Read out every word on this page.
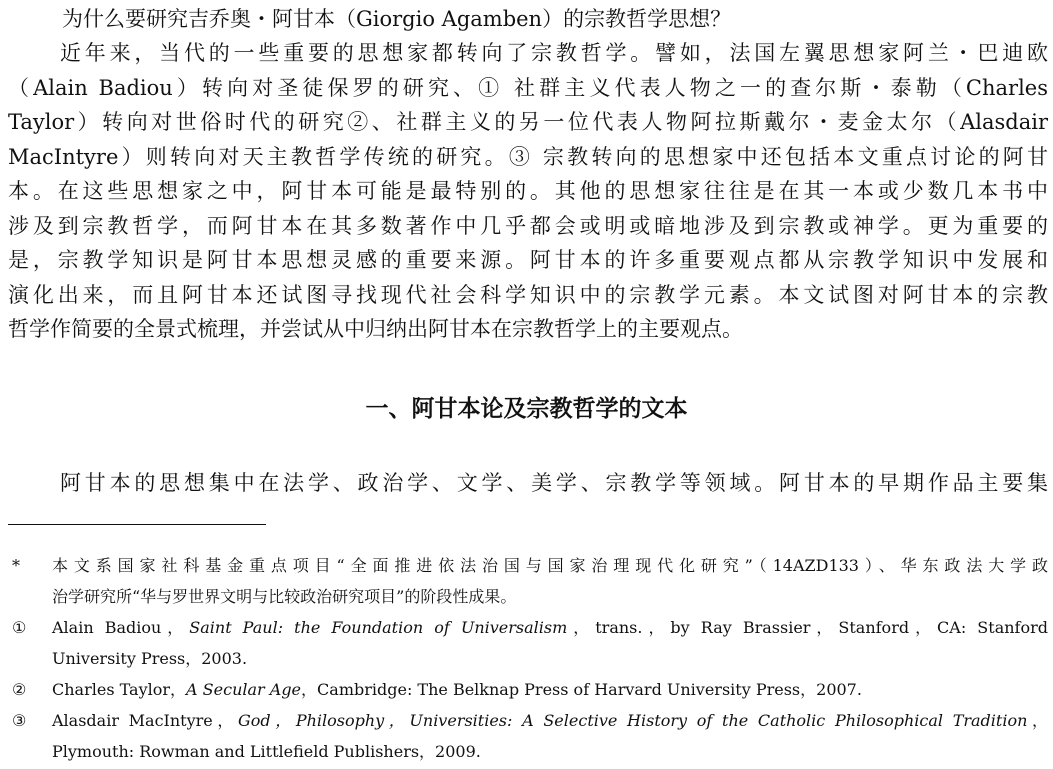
为什么要研究吉乔奥・阿甘本（Giorgio Agamben）的宗教哲学思想？
近年来，当代的一些重要的思想家都转向了宗教哲学。譬如，法国左翼思想家阿兰・巴迪欧
（Alain Badiou）转向对圣徒保罗的研究、① 社群主义代表人物之一的查尔斯・泰勒（Charles
Taylor）转向对世俗时代的研究②、社群主义的另一位代表人物阿拉斯戴尔・麦金太尔（Alasdair
MacIntyre）则转向对天主教哲学传统的研究。③ 宗教转向的思想家中还包括本文重点讨论的阿甘
本。在这些思想家之中，阿甘本可能是最特别的。其他的思想家往往是在其一本或少数几本书中
涉及到宗教哲学，而阿甘本在其多数著作中几乎都会或明或暗地涉及到宗教或神学。更为重要的
是，宗教学知识是阿甘本思想灵感的重要来源。阿甘本的许多重要观点都从宗教学知识中发展和
演化出来，而且阿甘本还试图寻找现代社会科学知识中的宗教学元素。本文试图对阿甘本的宗教
哲学作简要的全景式梳理，并尝试从中归纳出阿甘本在宗教哲学上的主要观点。
一、阿甘本论及宗教哲学的文本
阿甘本的思想集中在法学、政治学、文学、美学、宗教学等领域。阿甘本的早期作品主要集
*	本文系国家社科基金重点项目“全面推进依法治国与国家治理现代化研究”（14AZD133）、华东政法大学政
治学研究所“华与罗世界文明与比较政治研究项目”的阶段性成果。
①	Alain Badiou，Saint Paul: the Foundation of Universalism，trans.，by Ray Brassier，Stanford，CA: Stanford
University Press，2003.
②	Charles Taylor，A Secular Age，Cambridge: The Belknap Press of Harvard University Press，2007.
③	Alasdair MacIntyre，God，Philosophy，Universities: A Selective History of the Catholic Philosophical Tradition，
Plymouth: Rowman and Littlefield Publishers，2009.
